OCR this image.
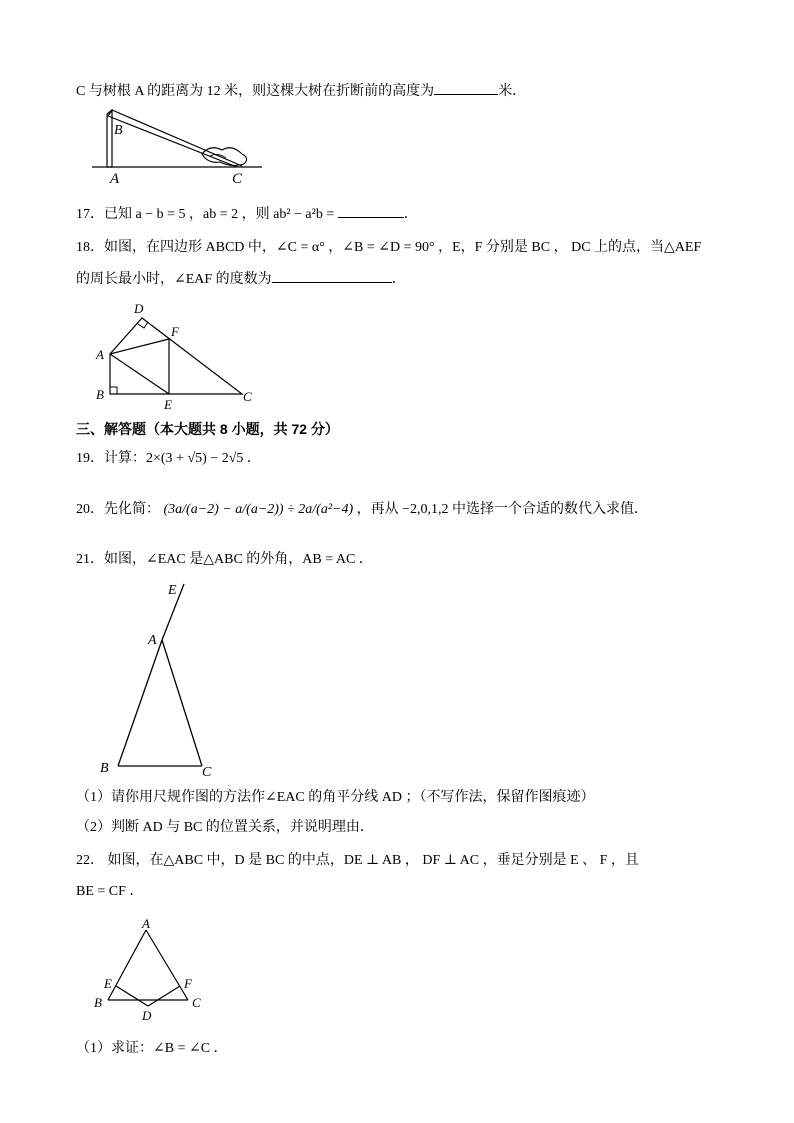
C 与树根 A 的距离为 12 米，则这棵大树在折断前的高度为	米．
B
A	C
17．已知 a − b = 5 ，ab = 2 ，则 ab² − a²b =	．
18．如图，在四边形 ABCD 中，∠C = α° ，∠B = ∠D = 90° ，E，F 分别是 BC ， DC 上的点，当△AEF
的周长最小时，∠EAF 的度数为	．
D
F
A
B
E
C
三、解答题（本大题共 8 小题，共 72 分）
19．计算：2×(3 + √5) − 2√5 ．
20．先化简： (3a/(a−2) − a/(a−2)) ÷ 2a/(a²−4) ，再从 −2,0,1,2 中选择一个合适的数代入求值．
21．如图，∠EAC 是△ABC 的外角，AB = AC ．
E
A
B	C
（1）请你用尺规作图的方法作∠EAC 的角平分线 AD ；（不写作法，保留作图痕迹）
（2）判断 AD 与 BC 的位置关系，并说明理由．
22． 如图，在△ABC 中，D 是 BC 的中点，DE ⊥ AB ， DF ⊥ AC ，垂足分别是 E 、 F ，且
BE = CF ．
A
E	F
B	C
D
（1）求证：∠B = ∠C ．
